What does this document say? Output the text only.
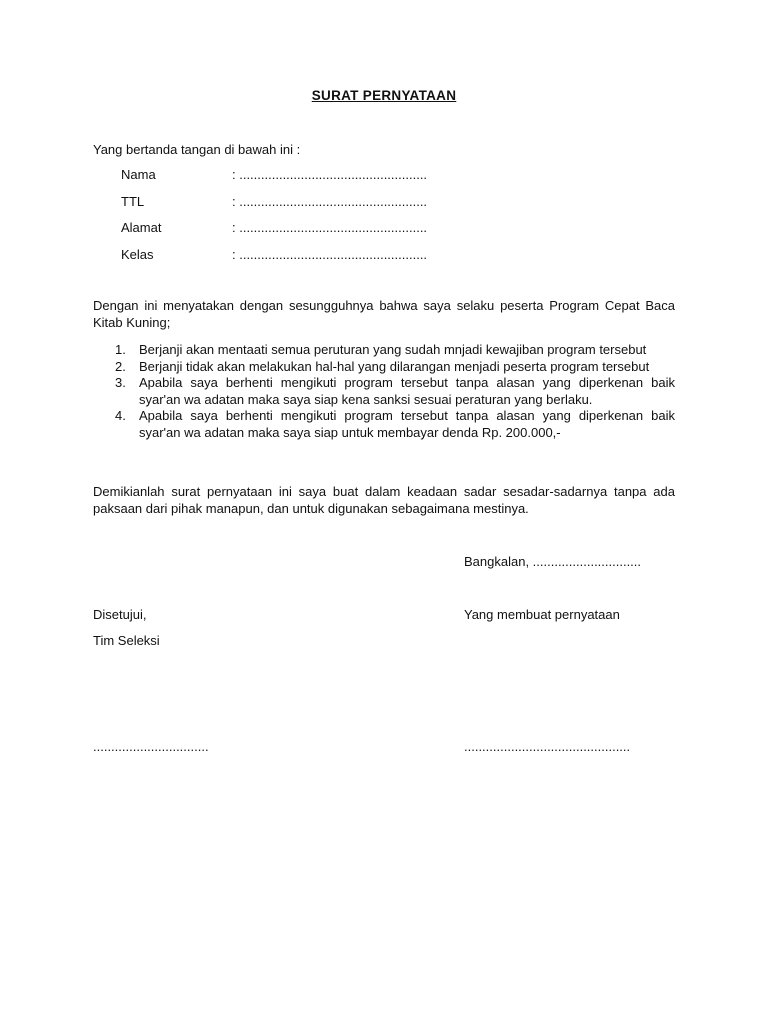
SURAT PERNYATAAN
Yang bertanda tangan di bawah ini :
Nama	: ....................................................
TTL	: ....................................................
Alamat	: ....................................................
Kelas	: ....................................................
Dengan ini menyatakan dengan sesungguhnya bahwa saya selaku peserta Program Cepat Baca Kitab Kuning;
1. Berjanji akan mentaati semua peruturan yang sudah mnjadi kewajiban program tersebut
2. Berjanji tidak akan melakukan hal-hal yang dilarangan menjadi peserta program tersebut
3. Apabila saya berhenti mengikuti program tersebut tanpa alasan yang diperkenan baik syar'an wa adatan maka saya siap kena sanksi sesuai peraturan yang berlaku.
4. Apabila saya berhenti mengikuti program tersebut tanpa alasan yang diperkenan baik syar'an wa adatan maka saya siap untuk membayar denda Rp. 200.000,-
Demikianlah surat pernyataan ini saya buat dalam keadaan sadar sesadar-sadarnya tanpa ada paksaan dari pihak manapun, dan untuk digunakan sebagaimana mestinya.
Bangkalan, ..............................
Disetujui,	Yang membuat pernyataan
Tim Seleksi
................................	..............................................
